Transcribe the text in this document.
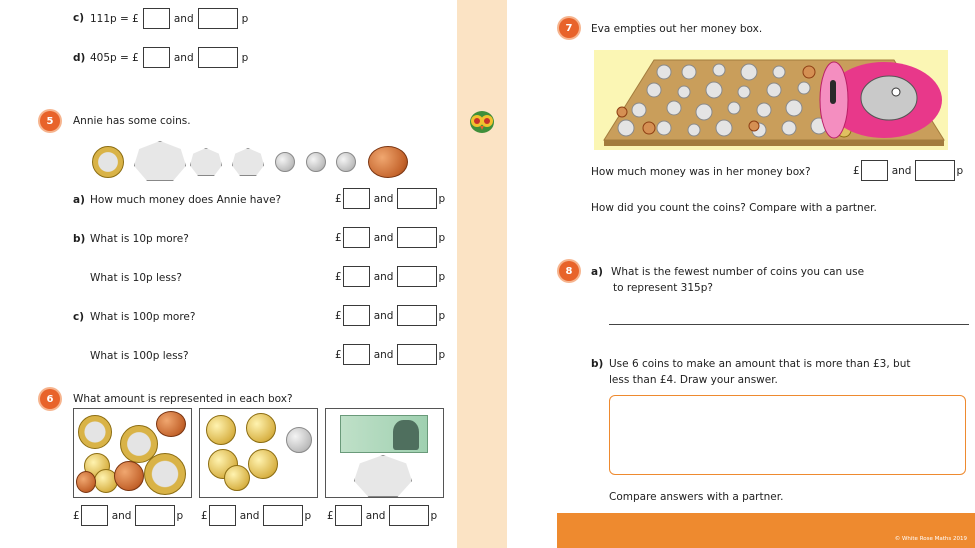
c) 111p = £	and	p
d) 405p = £	and	p
5	Annie has some coins.
a) How much money does Annie have?	£	and	p
b) What is 10p more?	£	and	p
What is 10p less?	£	and	p
c) What is 100p more?	£	and	p
What is 100p less?	£	and	p
6	What amount is represented in each box?
£	and	p £	and	p £	and	p
7	Eva empties out her money box.
How much money was in her money box?	£	and	p
How did you count the coins? Compare with a partner.
8	a) What is the fewest number of coins you can use
to represent 315p?
b) Use 6 coins to make an amount that is more than £3, but
less than £4. Draw your answer.
Compare answers with a partner.
© White Rose Maths 2019
